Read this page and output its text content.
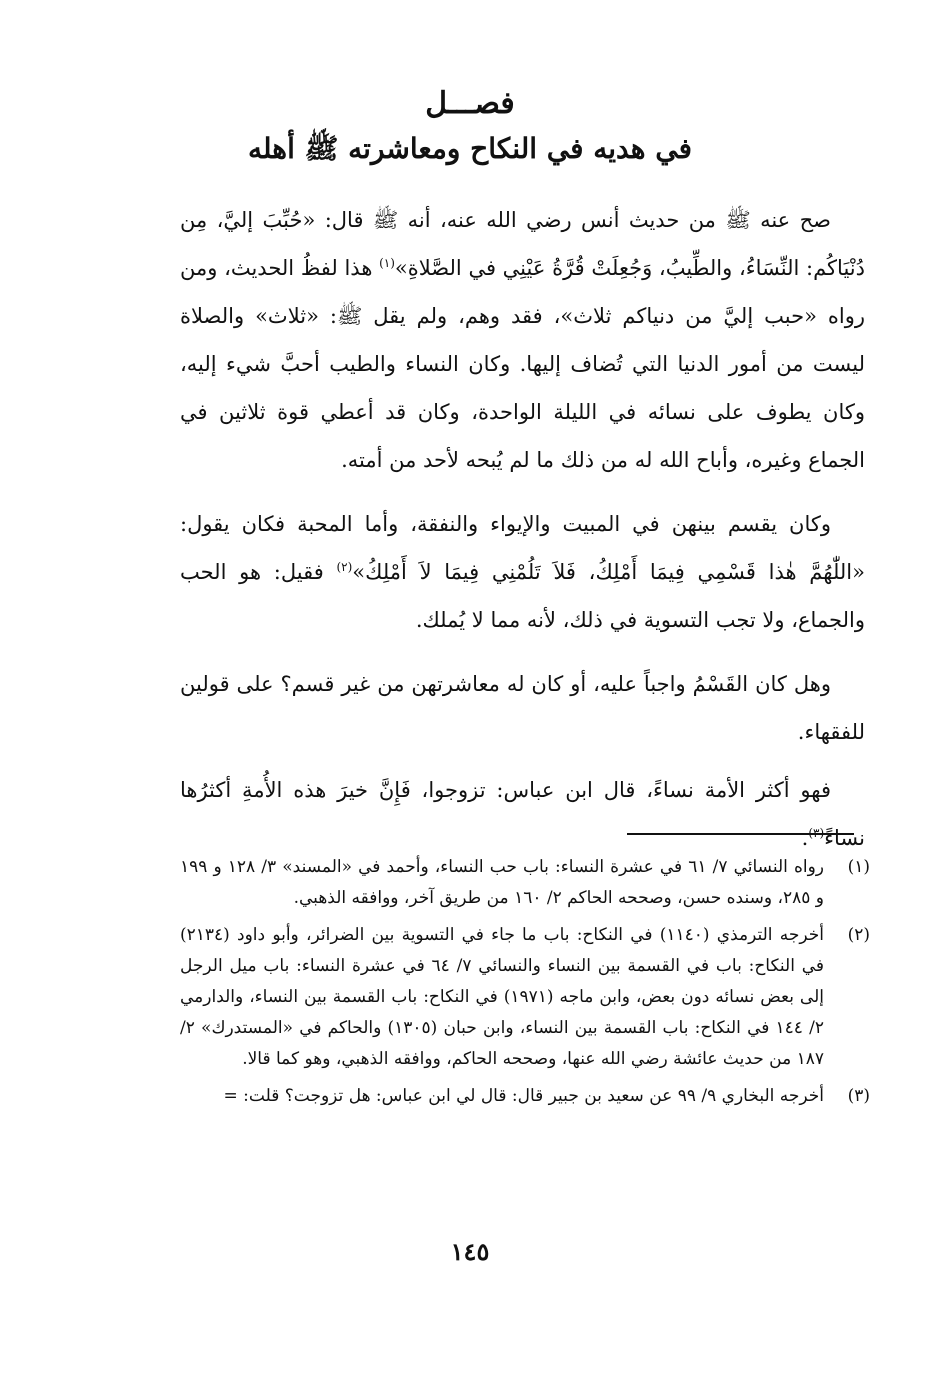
فصـــل
في هديه في النكاح ومعاشرته ﷺ أهله

صح عنه ﷺ من حديث أنس رضي الله عنه، أنه ﷺ قال: «حُبِّبَ إليَّ، مِن دُنْيَاكُم: النِّسَاءُ، والطِّيبُ، وَجُعِلَتْ قُرَّةُ عَيْنِي في الصَّلاةِ»$^{(١)}$ هذا لفظُ الحديث، ومن رواه «حبب إليَّ من دنياكم ثلاث»، فقد وهم، ولم يقل ﷺ: «ثلاث» والصلاة ليست من أمور الدنيا التي تُضاف إليها. وكان النساء والطيب أحبَّ شيء إليه، وكان يطوف على نسائه في الليلة الواحدة، وكان قد أعطي قوة ثلاثين في الجماع وغيره، وأباح الله له من ذلك ما لم يُبحه لأحد من أمته.

وكان يقسم بينهن في المبيت والإيواء والنفقة، وأما المحبة فكان يقول: «اللّٰهُمَّ هٰذا قَسْمِي فِيمَا أَمْلِكُ، فَلاَ تَلُمْنِي فِيمَا لاَ أَمْلِكُ»$^{(٢)}$ فقيل: هو الحب والجماع، ولا تجب التسوية في ذلك، لأنه مما لا يُملك.

وهل كان القَسْمُ واجباً عليه، أو كان له معاشرتهن من غير قسم؟ على قولين للفقهاء.

فهو أكثر الأمة نساءً، قال ابن عباس: تزوجوا، فَإِنَّ خيرَ هذه الأُمةِ أكثرُها نساءً$^{(٣)}$.

(١)
رواه النسائي ٧/ ٦١ في عشرة النساء: باب حب النساء، وأحمد في «المسند» ٣/ ١٢٨ و ١٩٩ و ٢٨٥، وسنده حسن، وصححه الحاكم ٢/ ١٦٠ من طريق آخر، ووافقه الذهبي.
(٢)
أخرجه الترمذي (١١٤٠) في النكاح: باب ما جاء في التسوية بين الضرائر، وأبو داود (٢١٣٤) في النكاح: باب في القسمة بين النساء والنسائي ٧/ ٦٤ في عشرة النساء: باب ميل الرجل إلى بعض نسائه دون بعض، وابن ماجه (١٩٧١) في النكاح: باب القسمة بين النساء، والدارمي ٢/ ١٤٤ في النكاح: باب القسمة بين النساء، وابن حبان (١٣٠٥) والحاكم في «المستدرك» ٢/ ١٨٧ من حديث عائشة رضي الله عنها، وصححه الحاكم، ووافقه الذهبي، وهو كما قالا.
(٣)
أخرجه البخاري ٩/ ٩٩ عن سعيد بن جبير قال: قال لي ابن عباس: هل تزوجت؟ قلت: =
١٤٥
